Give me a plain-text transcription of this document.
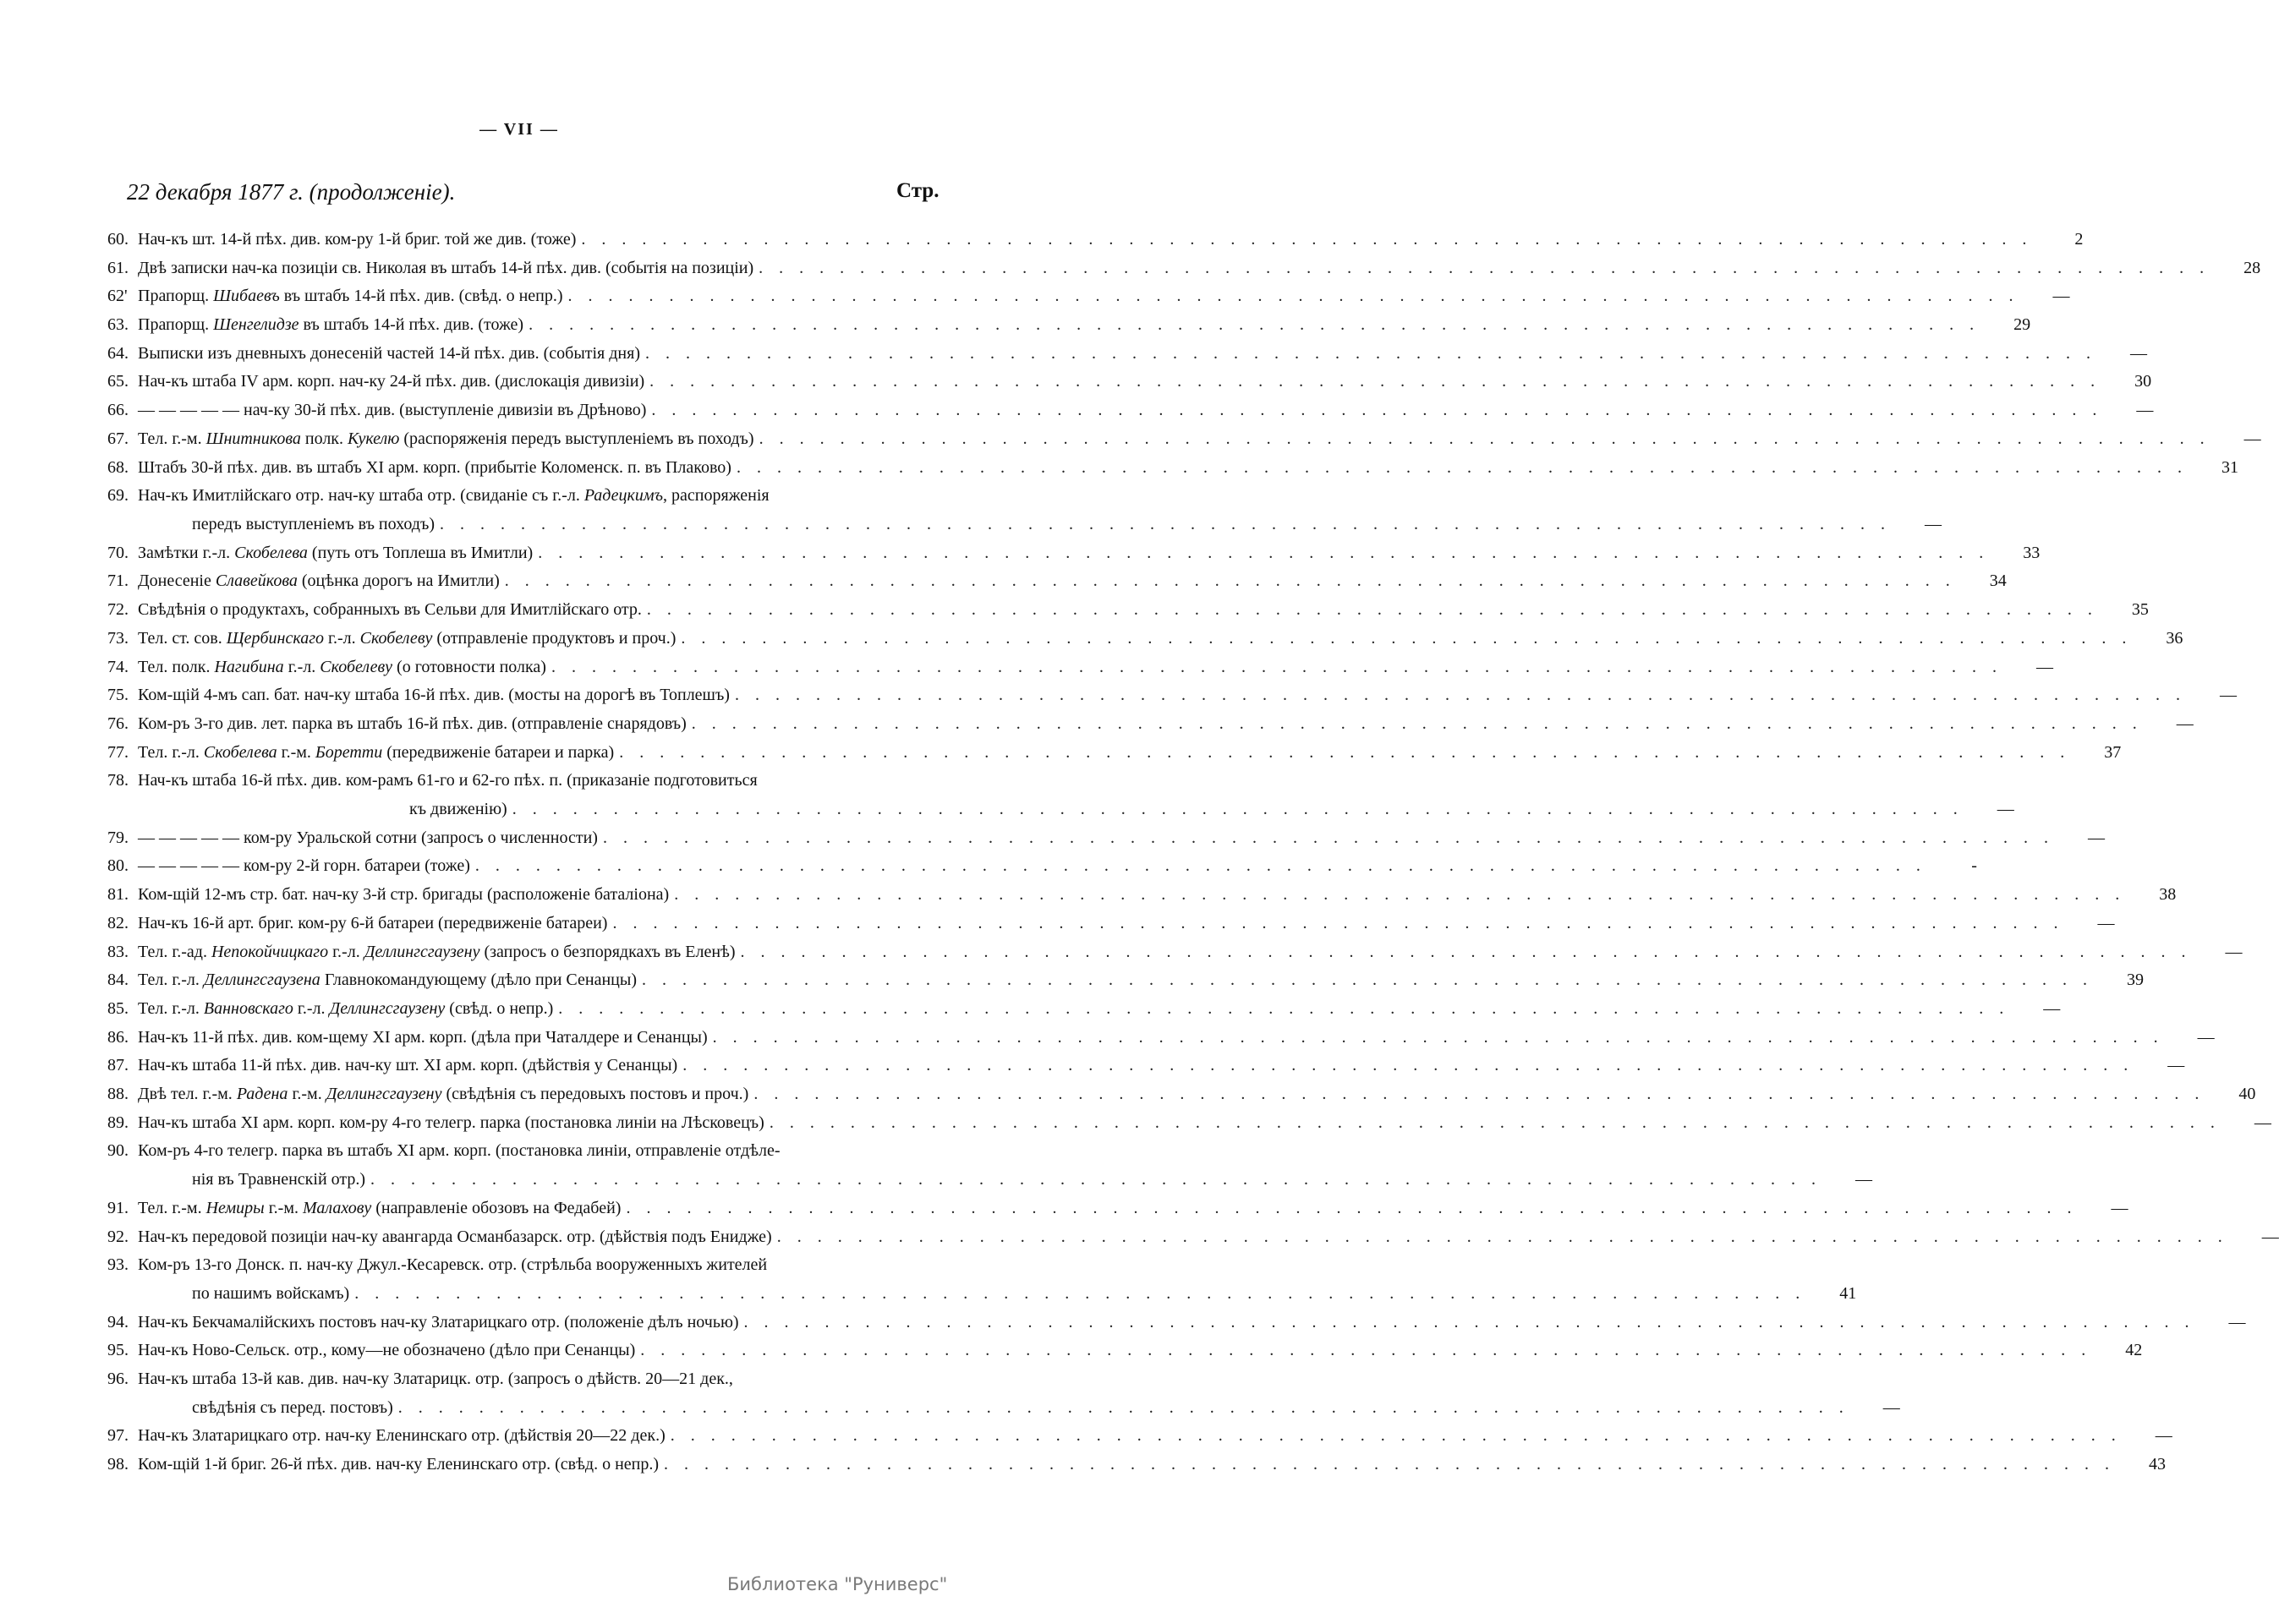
— VII —
22 декабря 1877 г. (продолженіе).	Стр.
60. Нач-къ шт. 14-й пѣх. див. ком-ру 1-й бриг. той же див. (тоже) . . . . . . . . . . . . . . . . . . . . . . . . . . . . . . . . . . . . . . . . . . . . . . . . . . . . . . . . . . . . . . . . . . . . . . . .	2
61. Двѣ записки нач-ка позиціи св. Николая въ штабъ 14-й пѣх. див. (событія на позиціи) . . . . . . . . . . . . . . . . . . . . . . . . . . . . . . . . . . . . . . . . . . . . . . . . . . . . . . . . . . . . . . . . . . . . . . . .	28
62' Прапорщ. Шибаевъ въ штабъ 14-й пѣх. див. (свѣд. о непр.) . . . . . . . . . . . . . . . . . . . . . . . . . . . . . . . . . . . . . . . . . . . . . . . . . . . . . . . . . . . . . . . . . . . . . . . .	—
63. Прапорщ. Шенгелидзе въ штабъ 14-й пѣх. див. (тоже) . . . . . . . . . . . . . . . . . . . . . . . . . . . . . . . . . . . . . . . . . . . . . . . . . . . . . . . . . . . . . . . . . . . . . . . .	29
64. Выписки изъ дневныхъ донесеній частей 14-й пѣх. див. (событія дня) . . . . . . . . . . . . . . . . . . . . . . . . . . . . . . . . . . . . . . . . . . . . . . . . . . . . . . . . . . . . . . . . . . . . . . . .	—
65. Нач-къ штаба IV арм. корп. нач-ку 24-й пѣх. див. (дислокація дивизіи) . . . . . . . . . . . . . . . . . . . . . . . . . . . . . . . . . . . . . . . . . . . . . . . . . . . . . . . . . . . . . . . . . . . . . . . .	30
66. — — — — — нач-ку 30-й пѣх. див. (выступленіе дивизіи въ Дрѣново) . . . . . . . . . . . . . . . . . . . . . . . . . . . . . . . . . . . . . . . . . . . . . . . . . . . . . . . . . . . . . . . . . . . . . . . .	—
67. Тел. г.-м. Шнитникова полк. Кукелю (распоряженія передъ выступленіемъ въ походъ) . . . . . . . . . . . . . . . . . . . . . . . . . . . . . . . . . . . . . . . . . . . . . . . . . . . . . . . . . . . . . . . . . . . . . . . .	—
68. Штабъ 30-й пѣх. див. въ штабъ XI арм. корп. (прибытіе Коломенск. п. въ Плаково) . . . . . . . . . . . . . . . . . . . . . . . . . . . . . . . . . . . . . . . . . . . . . . . . . . . . . . . . . . . . . . . . . . . . . . . .	31
69. Нач-къ Имитлійскаго отр. нач-ку штаба отр. (свиданіе съ г.-л. Радецкимъ, распоряженія
передъ выступленіемъ въ походъ) . . . . . . . . . . . . . . . . . . . . . . . . . . . . . . . . . . . . . . . . . . . . . . . . . . . . . . . . . . . . . . . . . . . . . . . .	—
70. Замѣтки г.-л. Скобелева (путь отъ Топлеша въ Имитли) . . . . . . . . . . . . . . . . . . . . . . . . . . . . . . . . . . . . . . . . . . . . . . . . . . . . . . . . . . . . . . . . . . . . . . . .	33
71. Донесеніе Славейкова (оцѣнка дорогъ на Имитли) . . . . . . . . . . . . . . . . . . . . . . . . . . . . . . . . . . . . . . . . . . . . . . . . . . . . . . . . . . . . . . . . . . . . . . . .	34
72. Свѣдѣнія о продуктахъ, собранныхъ въ Сельви для Имитлійскаго отр. . . . . . . . . . . . . . . . . . . . . . . . . . . . . . . . . . . . . . . . . . . . . . . . . . . . . . . . . . . . . . . . . . . . . . . . .	35
73. Тел. ст. сов. Щербинскаго г.-л. Скобелеву (отправленіе продуктовъ и проч.) . . . . . . . . . . . . . . . . . . . . . . . . . . . . . . . . . . . . . . . . . . . . . . . . . . . . . . . . . . . . . . . . . . . . . . . .	36
74. Тел. полк. Нагибина г.-л. Скобелеву (о готовности полка) . . . . . . . . . . . . . . . . . . . . . . . . . . . . . . . . . . . . . . . . . . . . . . . . . . . . . . . . . . . . . . . . . . . . . . . .	—
75. Ком-щій 4-мъ сап. бат. нач-ку штаба 16-й пѣх. див. (мосты на дорогѣ въ Топлешъ) . . . . . . . . . . . . . . . . . . . . . . . . . . . . . . . . . . . . . . . . . . . . . . . . . . . . . . . . . . . . . . . . . . . . . . . .	—
76. Ком-ръ 3-го див. лет. парка въ штабъ 16-й пѣх. див. (отправленіе снарядовъ) . . . . . . . . . . . . . . . . . . . . . . . . . . . . . . . . . . . . . . . . . . . . . . . . . . . . . . . . . . . . . . . . . . . . . . . .	—
77. Тел. г.-л. Скобелева г.-м. Боретти (передвиженіе батареи и парка) . . . . . . . . . . . . . . . . . . . . . . . . . . . . . . . . . . . . . . . . . . . . . . . . . . . . . . . . . . . . . . . . . . . . . . . .	37
78. Нач-къ штаба 16-й пѣх. див. ком-рамъ 61-го и 62-го пѣх. п. (приказаніе подготовиться
къ движенію) . . . . . . . . . . . . . . . . . . . . . . . . . . . . . . . . . . . . . . . . . . . . . . . . . . . . . . . . . . . . . . . . . . . . . . . .	—
79. — — — — — ком-ру Уральской сотни (запросъ о численности) . . . . . . . . . . . . . . . . . . . . . . . . . . . . . . . . . . . . . . . . . . . . . . . . . . . . . . . . . . . . . . . . . . . . . . . .	—
80. — — — — — ком-ру 2-й горн. батареи (тоже) . . . . . . . . . . . . . . . . . . . . . . . . . . . . . . . . . . . . . . . . . . . . . . . . . . . . . . . . . . . . . . . . . . . . . . . .	-
81. Ком-щій 12-мъ стр. бат. нач-ку 3-й стр. бригады (расположеніе баталіона) . . . . . . . . . . . . . . . . . . . . . . . . . . . . . . . . . . . . . . . . . . . . . . . . . . . . . . . . . . . . . . . . . . . . . . . .	38
82. Нач-къ 16-й арт. бриг. ком-ру 6-й батареи (передвиженіе батареи) . . . . . . . . . . . . . . . . . . . . . . . . . . . . . . . . . . . . . . . . . . . . . . . . . . . . . . . . . . . . . . . . . . . . . . . .	—
83. Тел. г.-ад. Непокойчицкаго г.-л. Деллингсгаузену (запросъ о безпорядкахъ въ Еленѣ) . . . . . . . . . . . . . . . . . . . . . . . . . . . . . . . . . . . . . . . . . . . . . . . . . . . . . . . . . . . . . . . . . . . . . . . .	—
84. Тел. г.-л. Деллингсгаузена Главнокомандующему (дѣло при Сенанцы) . . . . . . . . . . . . . . . . . . . . . . . . . . . . . . . . . . . . . . . . . . . . . . . . . . . . . . . . . . . . . . . . . . . . . . . .	39
85. Тел. г.-л. Ванновскаго г.-л. Деллингсгаузену (свѣд. о непр.) . . . . . . . . . . . . . . . . . . . . . . . . . . . . . . . . . . . . . . . . . . . . . . . . . . . . . . . . . . . . . . . . . . . . . . . .	—
86. Нач-къ 11-й пѣх. див. ком-щему XI арм. корп. (дѣла при Чаталдере и Сенанцы) . . . . . . . . . . . . . . . . . . . . . . . . . . . . . . . . . . . . . . . . . . . . . . . . . . . . . . . . . . . . . . . . . . . . . . . .	—
87. Нач-къ штаба 11-й пѣх. див. нач-ку шт. XI арм. корп. (дѣйствія у Сенанцы) . . . . . . . . . . . . . . . . . . . . . . . . . . . . . . . . . . . . . . . . . . . . . . . . . . . . . . . . . . . . . . . . . . . . . . . .	—
88. Двѣ тел. г.-м. Радена г.-м. Деллингсгаузену (свѣдѣнія съ передовыхъ постовъ и проч.) . . . . . . . . . . . . . . . . . . . . . . . . . . . . . . . . . . . . . . . . . . . . . . . . . . . . . . . . . . . . . . . . . . . . . . . .	40
89. Нач-къ штаба XI арм. корп. ком-ру 4-го телегр. парка (постановка линіи на Лѣсковецъ) . . . . . . . . . . . . . . . . . . . . . . . . . . . . . . . . . . . . . . . . . . . . . . . . . . . . . . . . . . . . . . . . . . . . . . . .	—
90. Ком-ръ 4-го телегр. парка въ штабъ XI арм. корп. (постановка линіи, отправленіе отдѣле-
нія въ Травненскій отр.) . . . . . . . . . . . . . . . . . . . . . . . . . . . . . . . . . . . . . . . . . . . . . . . . . . . . . . . . . . . . . . . . . . . . . . . .	—
91. Тел. г.-м. Немиры г.-м. Малахову (направленіе обозовъ на Федабей) . . . . . . . . . . . . . . . . . . . . . . . . . . . . . . . . . . . . . . . . . . . . . . . . . . . . . . . . . . . . . . . . . . . . . . . .	—
92. Нач-къ передовой позиціи нач-ку авангарда Османбазарск. отр. (дѣйствія подъ Енидже) . . . . . . . . . . . . . . . . . . . . . . . . . . . . . . . . . . . . . . . . . . . . . . . . . . . . . . . . . . . . . . . . . . . . . . . .	—
93. Ком-ръ 13-го Донск. п. нач-ку Джул.-Кесаревск. отр. (стрѣльба вооруженныхъ жителей
по нашимъ войскамъ) . . . . . . . . . . . . . . . . . . . . . . . . . . . . . . . . . . . . . . . . . . . . . . . . . . . . . . . . . . . . . . . . . . . . . . . .	41
94. Нач-къ Бекчамалійскихъ постовъ нач-ку Златарицкаго отр. (положеніе дѣлъ ночью) . . . . . . . . . . . . . . . . . . . . . . . . . . . . . . . . . . . . . . . . . . . . . . . . . . . . . . . . . . . . . . . . . . . . . . . .	—
95. Нач-къ Ново-Сельск. отр., кому—не обозначено (дѣло при Сенанцы) . . . . . . . . . . . . . . . . . . . . . . . . . . . . . . . . . . . . . . . . . . . . . . . . . . . . . . . . . . . . . . . . . . . . . . . .	42
96. Нач-къ штаба 13-й кав. див. нач-ку Златарицк. отр. (запросъ о дѣйств. 20—21 дек.,
свѣдѣнія съ перед. постовъ) . . . . . . . . . . . . . . . . . . . . . . . . . . . . . . . . . . . . . . . . . . . . . . . . . . . . . . . . . . . . . . . . . . . . . . . .	—
97. Нач-къ Златарицкаго отр. нач-ку Еленинскаго отр. (дѣйствія 20—22 дек.) . . . . . . . . . . . . . . . . . . . . . . . . . . . . . . . . . . . . . . . . . . . . . . . . . . . . . . . . . . . . . . . . . . . . . . . .	—
98. Ком-щій 1-й бриг. 26-й пѣх. див. нач-ку Еленинскаго отр. (свѣд. о непр.) . . . . . . . . . . . . . . . . . . . . . . . . . . . . . . . . . . . . . . . . . . . . . . . . . . . . . . . . . . . . . . . . . . . . . . . .	43
Библиотека "Руниверс"
